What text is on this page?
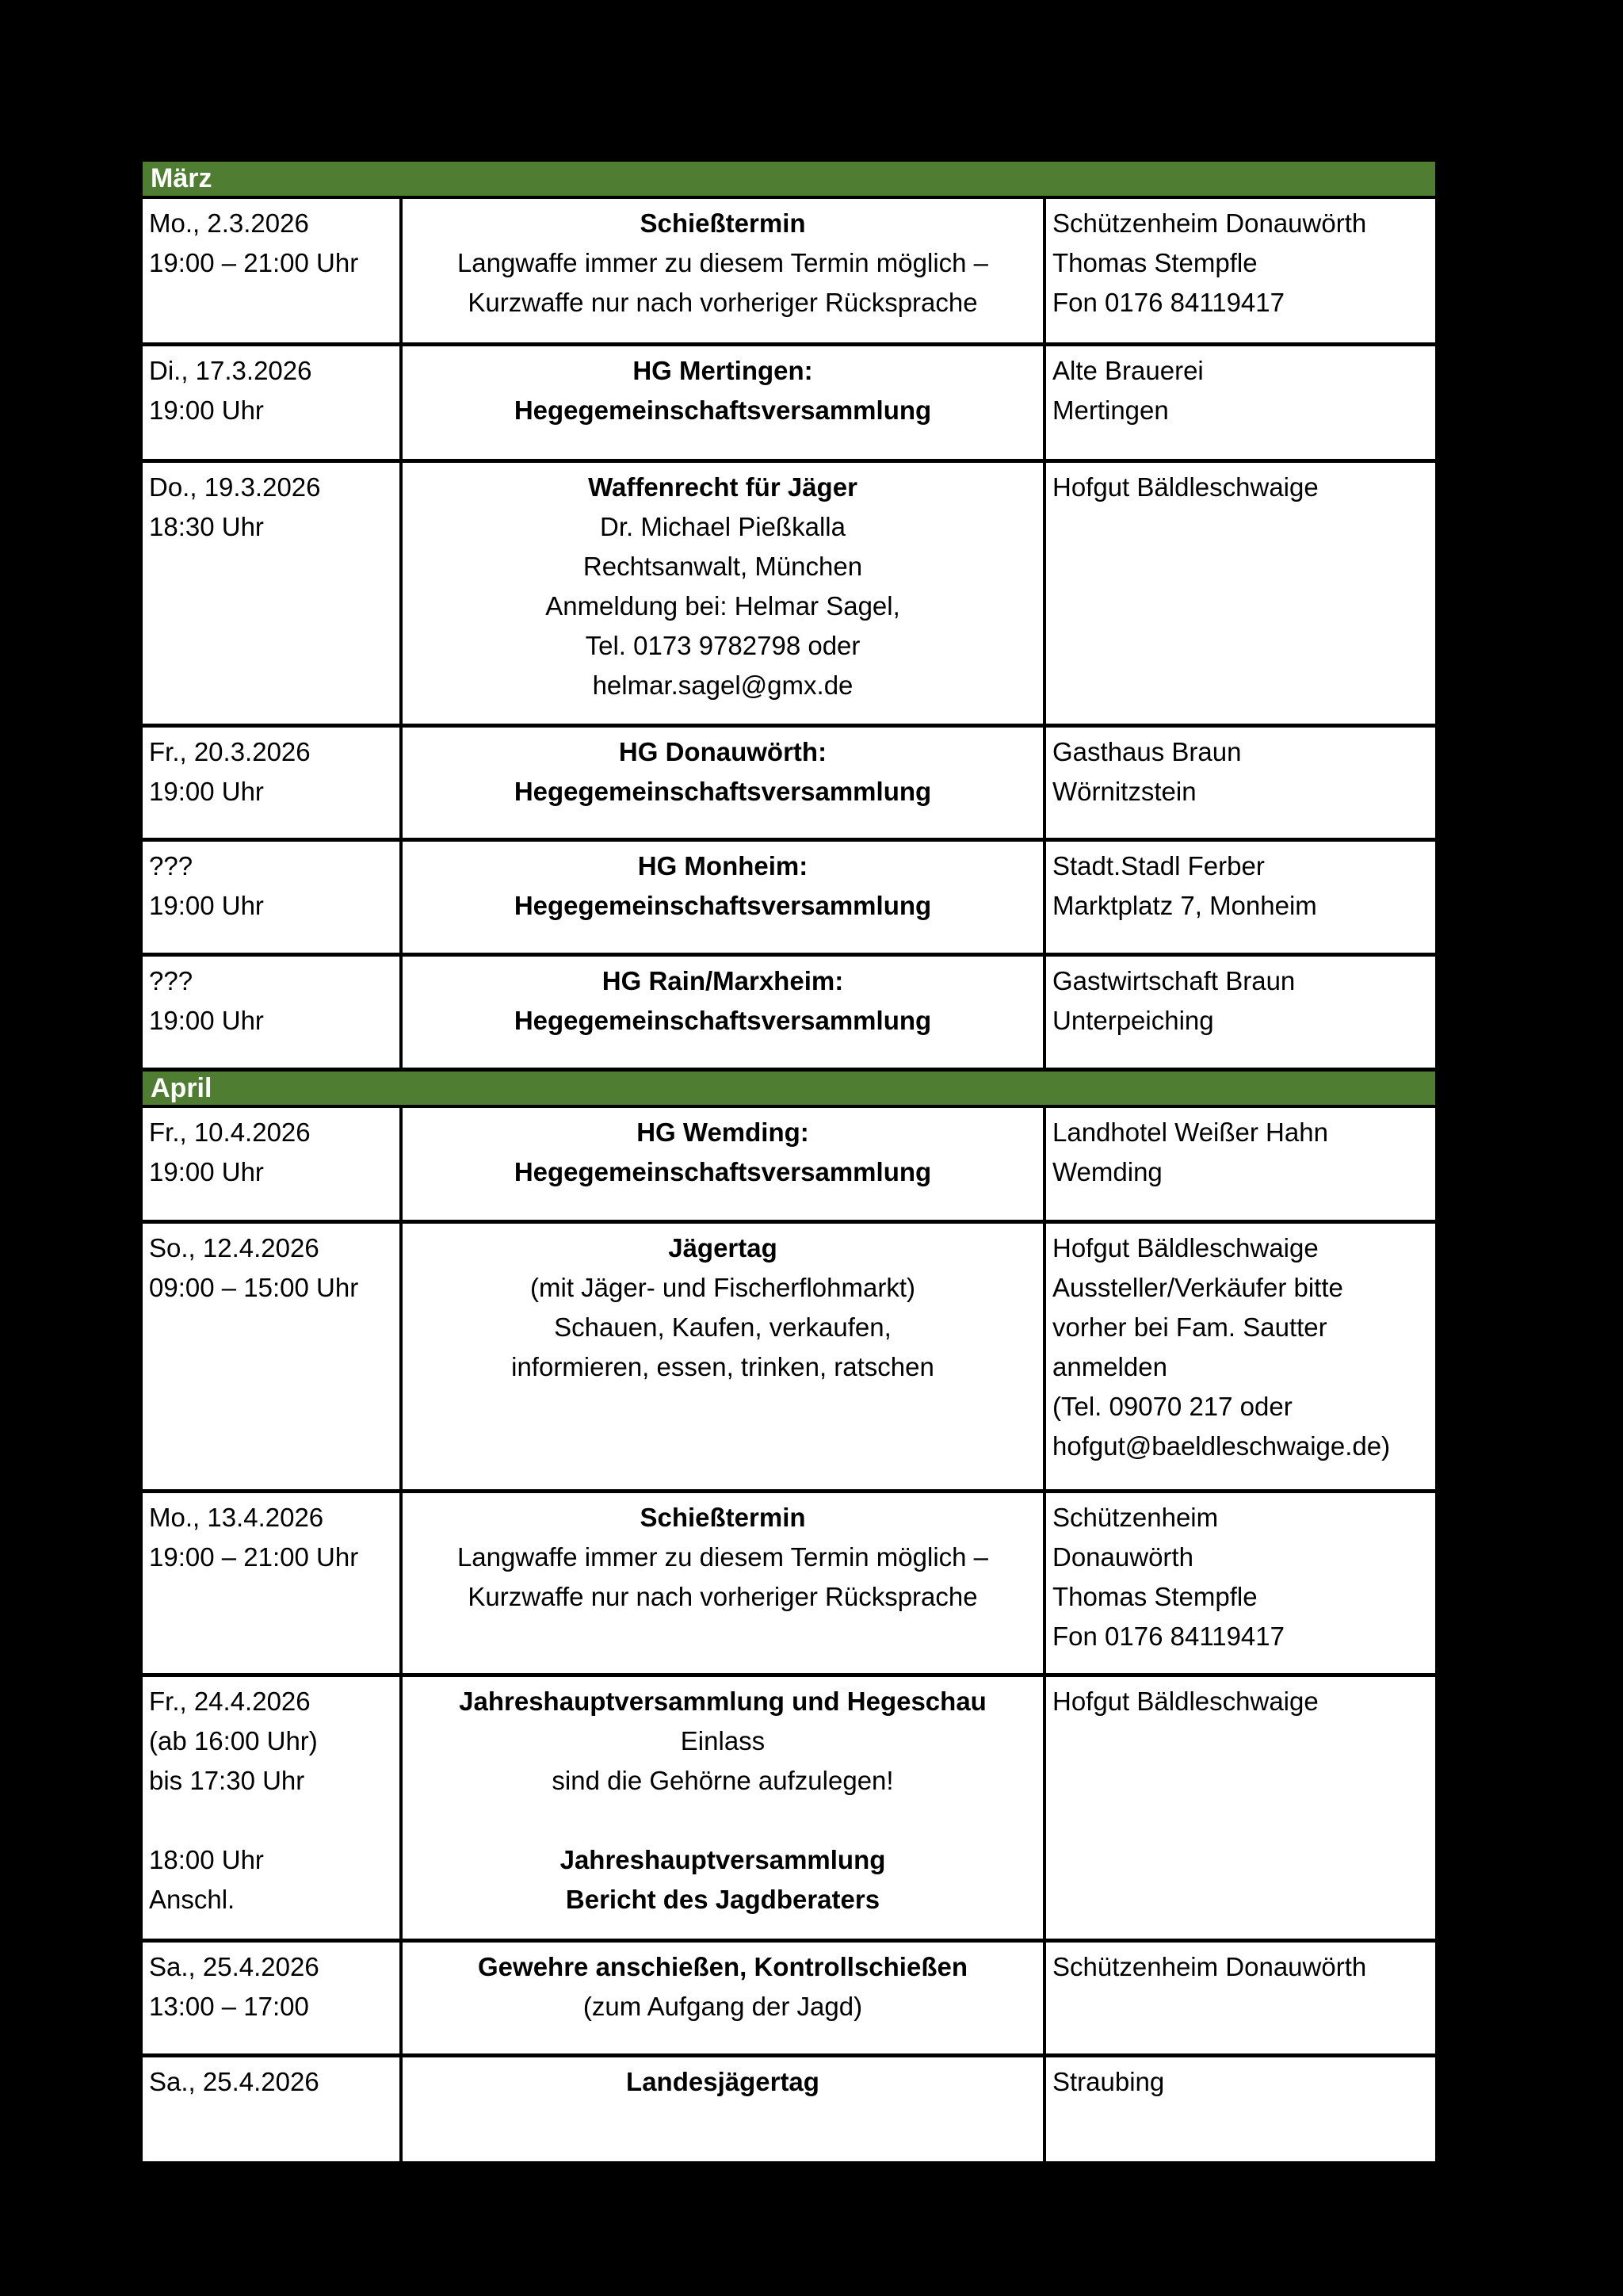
März
Mo., 2.3.2026
19:00 – 21:00 Uhr
Schießtermin
Langwaffe immer zu diesem Termin möglich –
Kurzwaffe nur nach vorheriger Rücksprache
Schützenheim Donauwörth
Thomas Stempfle
Fon 0176 84119417
Di., 17.3.2026
19:00 Uhr
HG Mertingen:
Hegegemeinschaftsversammlung
Alte Brauerei
Mertingen
Do., 19.3.2026
18:30 Uhr
Waffenrecht für Jäger
Dr. Michael Pießkalla
Rechtsanwalt, München
Anmeldung bei: Helmar Sagel,
Tel. 0173 9782798 oder
helmar.sagel@gmx.de
Hofgut Bäldleschwaige
Fr., 20.3.2026
19:00 Uhr
HG Donauwörth:
Hegegemeinschaftsversammlung
Gasthaus Braun
Wörnitzstein
???
19:00 Uhr
HG Monheim:
Hegegemeinschaftsversammlung
Stadt.Stadl Ferber
Marktplatz 7, Monheim
???
19:00 Uhr
HG Rain/Marxheim:
Hegegemeinschaftsversammlung
Gastwirtschaft Braun
Unterpeiching
April
Fr., 10.4.2026
19:00 Uhr
HG Wemding:
Hegegemeinschaftsversammlung
Landhotel Weißer Hahn
Wemding
So., 12.4.2026
09:00 – 15:00 Uhr
Jägertag
(mit Jäger- und Fischerflohmarkt)
Schauen, Kaufen, verkaufen,
informieren, essen, trinken, ratschen
Hofgut Bäldleschwaige
Aussteller/Verkäufer bitte
vorher bei Fam. Sautter
anmelden
(Tel. 09070 217 oder
hofgut@baeldleschwaige.de)
Mo., 13.4.2026
19:00 – 21:00 Uhr
Schießtermin
Langwaffe immer zu diesem Termin möglich –
Kurzwaffe nur nach vorheriger Rücksprache
Schützenheim
Donauwörth
Thomas Stempfle
Fon 0176 84119417
Fr., 24.4.2026
(ab 16:00 Uhr)
bis 17:30 Uhr
18:00 Uhr
Anschl.
Jahreshauptversammlung und Hegeschau
Einlass
sind die Gehörne aufzulegen!
Jahreshauptversammlung
Bericht des Jagdberaters
Hofgut Bäldleschwaige
Sa., 25.4.2026
13:00 – 17:00
Gewehre anschießen, Kontrollschießen
(zum Aufgang der Jagd)
Schützenheim Donauwörth
Sa., 25.4.2026	Landesjägertag	Straubing
